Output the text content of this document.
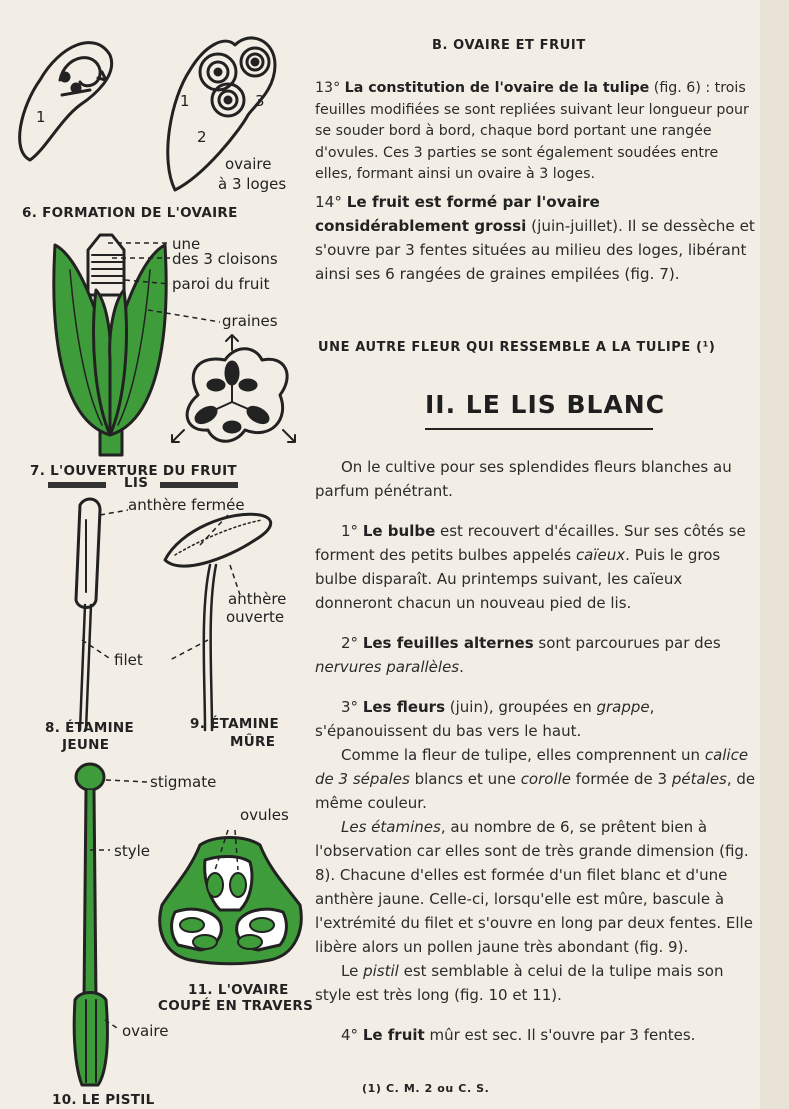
1
1
2
3
ovaire
à 3 loges
6. FORMATION DE L'OVAIRE
une
des 3 cloisons
paroi du fruit
graines
7. L'OUVERTURE DU FRUIT
LIS
anthère fermée
anthère
ouverte
filet
8. ÉTAMINE
JEUNE
9. ÉTAMINE
MÛRE
stigmate
style
ovules
ovaire
11. L'OVAIRE
COUPÉ EN TRAVERS
10. LE PISTIL
B. OVAIRE ET FRUIT

13° La constitution de l'ovaire de la tulipe (fig. 6) : trois feuilles modifiées se sont repliées suivant leur longueur pour se souder bord à bord, chaque bord portant une rangée d'ovules. Ces 3 parties se sont également soudées entre elles, formant ainsi un ovaire à 3 loges.

14° Le fruit est formé par l'ovaire considérablement grossi (juin-juillet). Il se dessèche et s'ouvre par 3 fentes situées au milieu des loges, libérant ainsi ses 6 rangées de graines empilées (fig. 7).

UNE AUTRE FLEUR QUI RESSEMBLE A LA TULIPE (¹)
II. LE LIS BLANC

On le cultive pour ses splendides fleurs blanches au parfum pénétrant.

1° Le bulbe est recouvert d'écailles. Sur ses côtés se forment des petits bulbes appelés caïeux. Puis le gros bulbe disparaît. Au printemps suivant, les caïeux donneront chacun un nouveau pied de lis.

2° Les feuilles alternes sont parcourues par des nervures parallèles.

3° Les fleurs (juin), groupées en grappe, s'épanouissent du bas vers le haut.

Comme la fleur de tulipe, elles comprennent un calice de 3 sépales blancs et une corolle formée de 3 pétales, de même couleur.

Les étamines, au nombre de 6, se prêtent bien à l'observation car elles sont de très grande dimension (fig. 8). Chacune d'elles est formée d'un filet blanc et d'une anthère jaune. Celle-ci, lorsqu'elle est mûre, bascule à l'extrémité du filet et s'ouvre en long par deux fentes. Elle libère alors un pollen jaune très abondant (fig. 9).

Le pistil est semblable à celui de la tulipe mais son style est très long (fig. 10 et 11).

4° Le fruit mûr est sec. Il s'ouvre par 3 fentes.

(1) C. M. 2 ou C. S.
